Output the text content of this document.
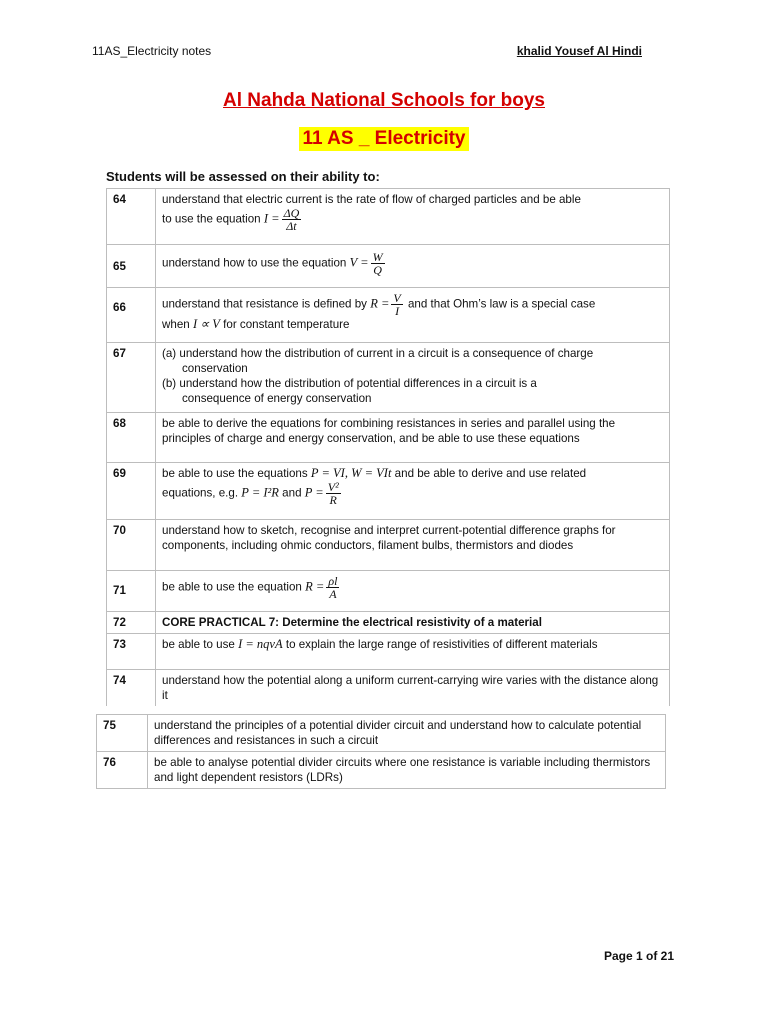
11AS_Electricity notes	khalid Yousef Al Hindi
Al Nahda National Schools for boys
11 AS _ Electricity
Students will be assessed on their ability to:
64	understand that electric current is the rate of flow of charged particles and be able
to use the equation $I = \frac{\Delta Q}{\Delta t}$

65	understand how to use the equation $V = \frac{W}{Q}$

66	understand that resistance is defined by $R = \frac{V}{I}$ and that Ohm’s law is a special case
when I ∝ V for constant temperature
67	(a) understand how the distribution of current in a circuit is a consequence of charge
conservation
(b) understand how the distribution of potential differences in a circuit is a
consequence of energy conservation

68	be able to derive the equations for combining resistances in series and parallel using the principles of charge and energy conservation, and be able to use these equations
69	be able to use the equations P = VI, W = VIt and be able to derive and use related
equations, e.g. P = I²R and $P = \frac{\text{V²}}{R}$

70	understand how to sketch, recognise and interpret current-potential difference graphs for components, including ohmic conductors, filament bulbs, thermistors and diodes
71	be able to use the equation $R = \frac{\rho l}{A}$

72	CORE PRACTICAL 7: Determine the electrical resistivity of a material
73	be able to use I = nqvA to explain the large range of resistivities of different materials
74	understand how the potential along a uniform current-carrying wire varies with the distance along it
75	understand the principles of a potential divider circuit and understand how to calculate potential differences and resistances in such a circuit
76	be able to analyse potential divider circuits where one resistance is variable including thermistors and light dependent resistors (LDRs)
Page 1 of 21
